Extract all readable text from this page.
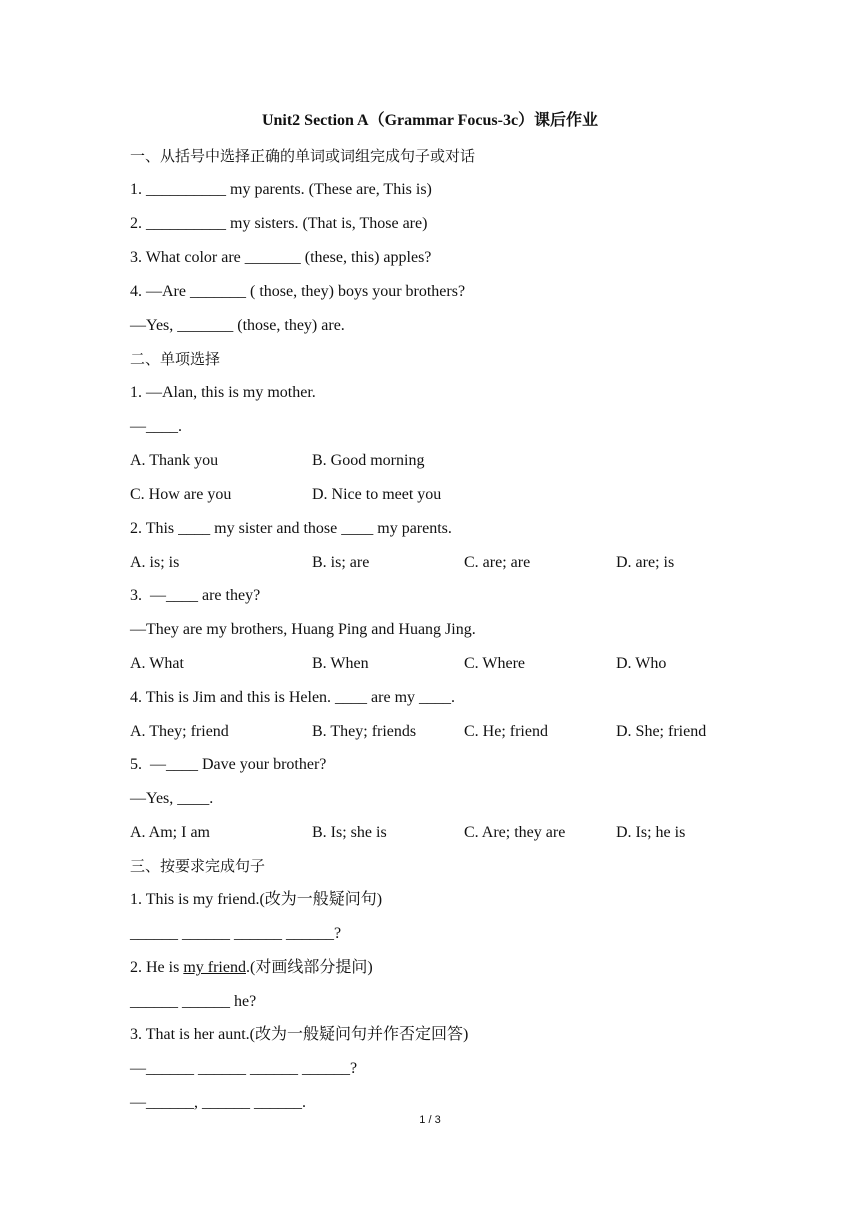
Unit2 Section A（Grammar Focus-3c）课后作业
一、从括号中选择正确的单词或词组完成句子或对话
1. __________ my parents. (These are, This is)
2. __________ my sisters. (That is, Those are)
3. What color are _______ (these, this) apples?
4. —Are _______ ( those, they) boys your brothers?
—Yes, _______ (those, they) are.
二、单项选择
1. —Alan, this is my mother.
—____.
A. Thank you	B. Good morning
C. How are you	D. Nice to meet you
2. This ____ my sister and those ____ my parents.
A. is; is	B. is; are	C. are; are	D. are; is
3.  —____ are they?
—They are my brothers, Huang Ping and Huang Jing.
A. What	B. When	C. Where	D. Who
4. This is Jim and this is Helen. ____ are my ____.
A. They; friend	B. They; friends	C. He; friend	D. She; friend
5.  —____ Dave your brother?
—Yes, ____.
A. Am; I am	B. Is; she is	C. Are; they are	D. Is; he is
三、按要求完成句子
1. This is my friend.(改为一般疑问句)
______ ______ ______ ______?
2. He is my friend.(对画线部分提问)
______ ______ he?
3. That is her aunt.(改为一般疑问句并作否定回答)
—______ ______ ______ ______?
—______, ______ ______.
1 / 3
